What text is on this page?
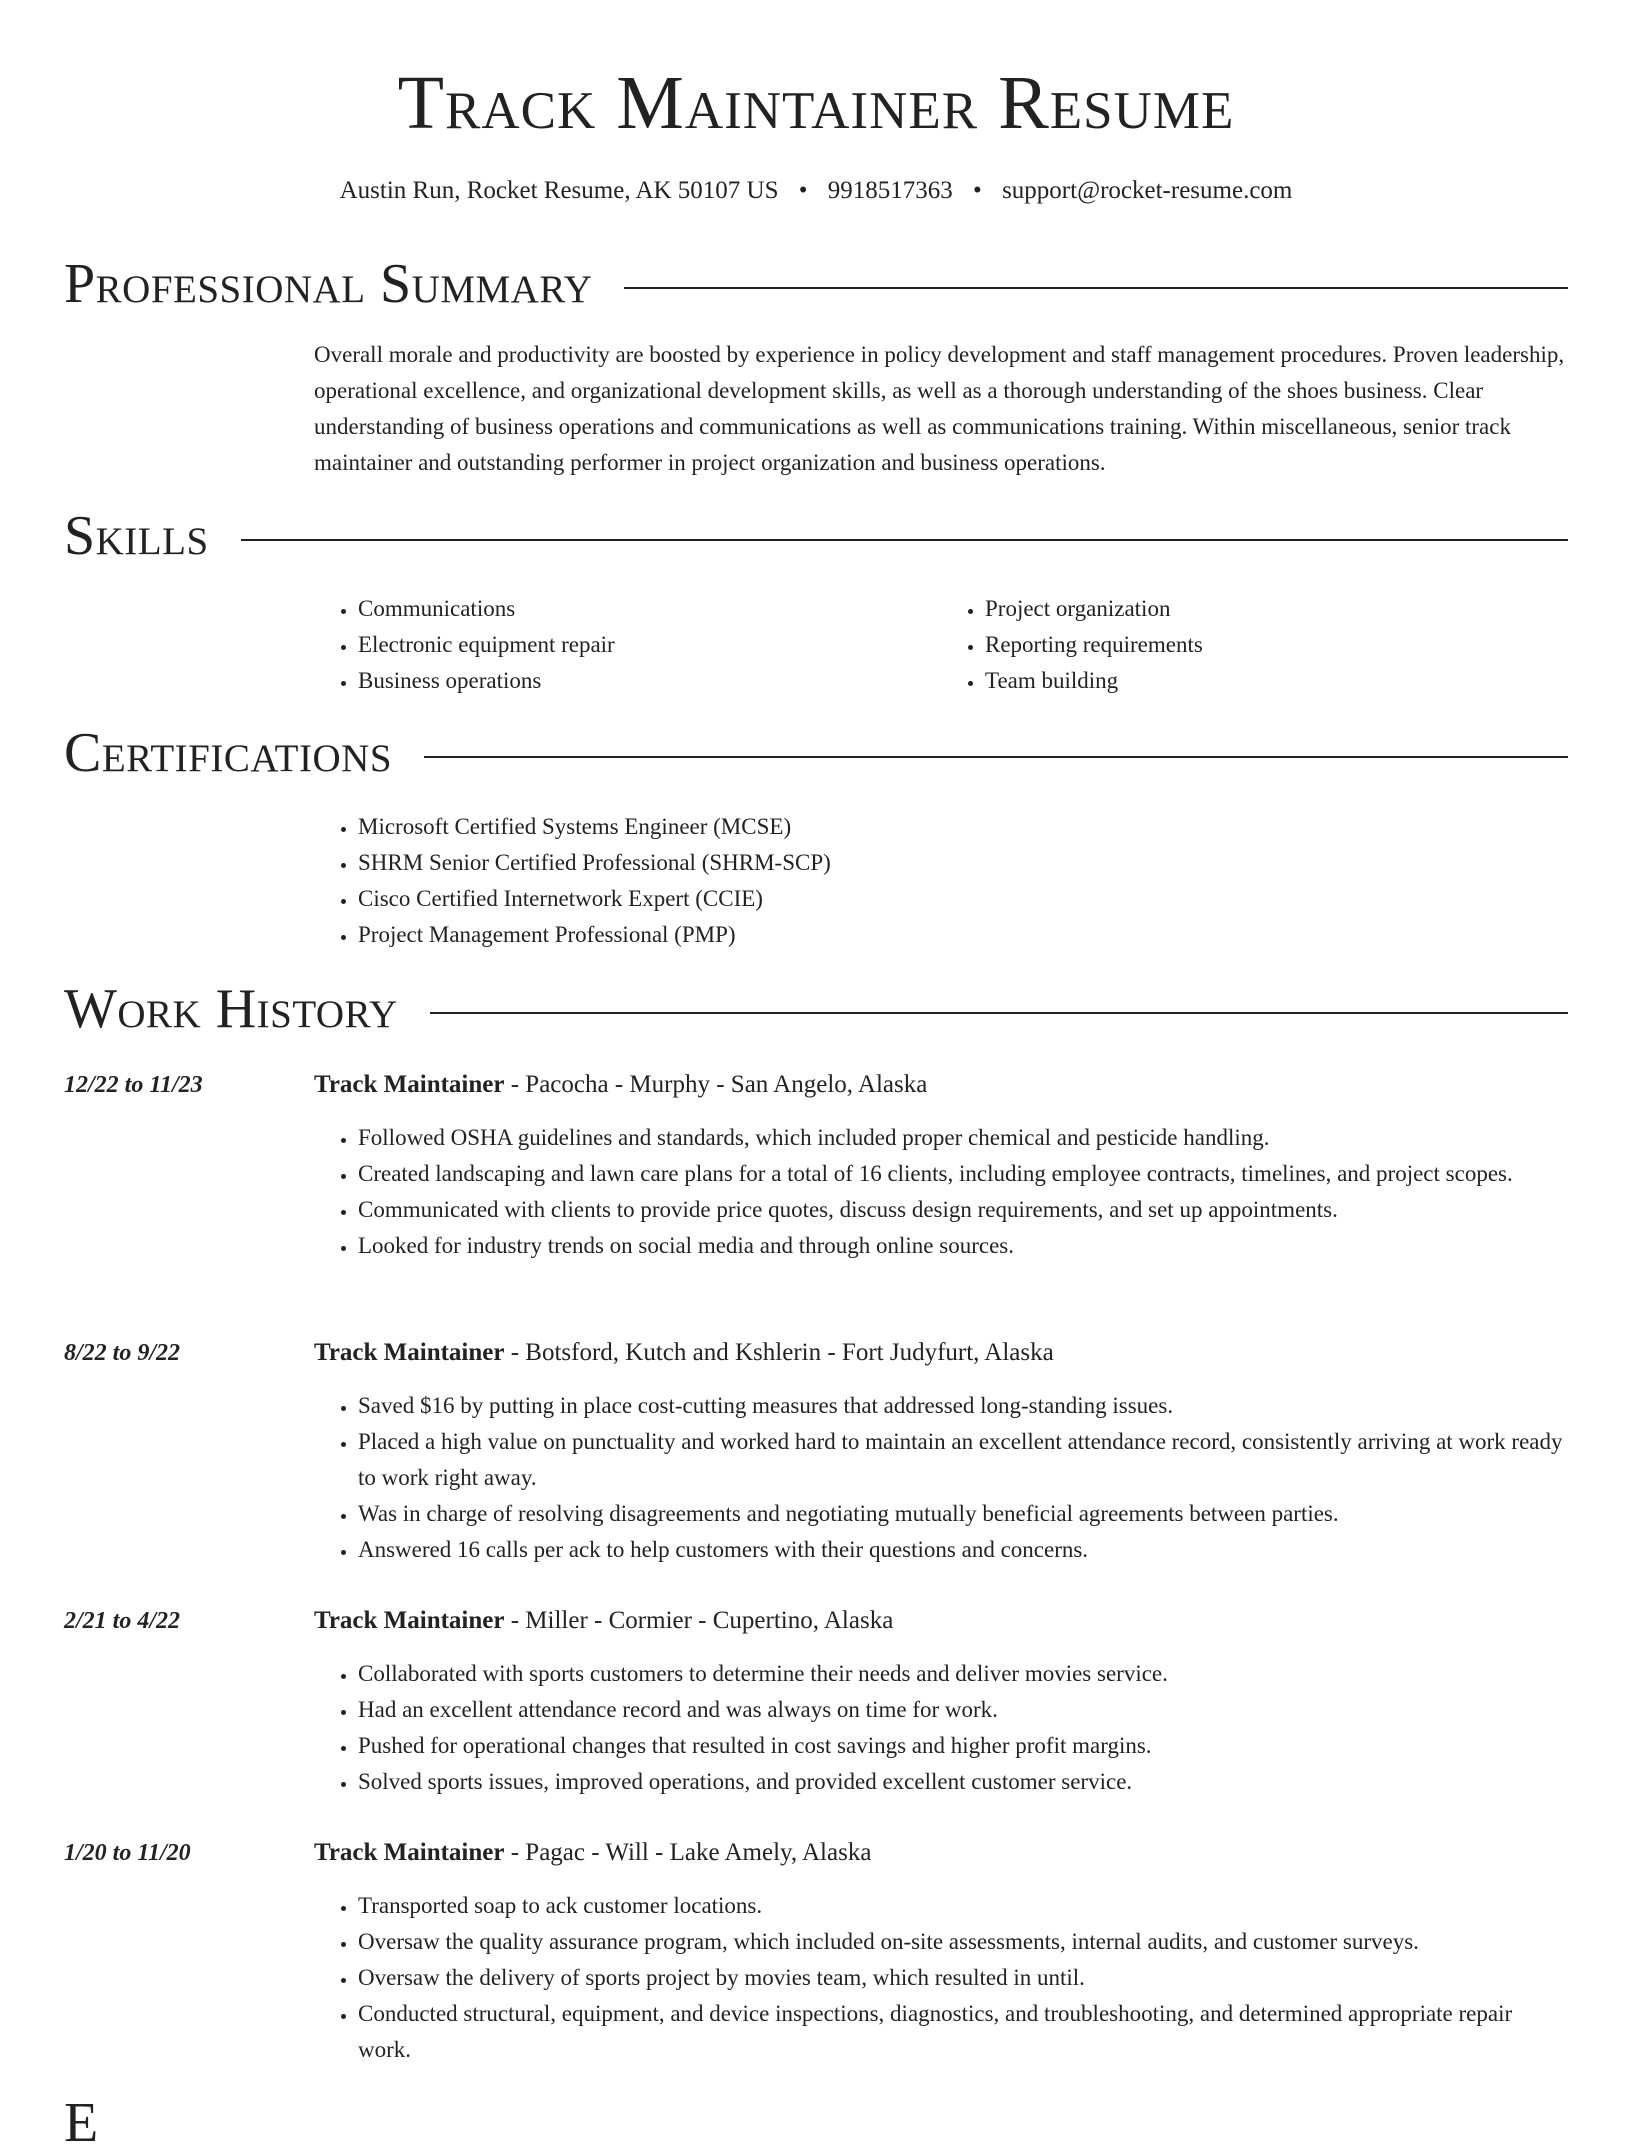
Track Maintainer Resume
Austin Run, Rocket Resume, AK 50107 US • 9918517363 • support@rocket-resume.com
Professional Summary
Overall morale and productivity are boosted by experience in policy development and staff management procedures. Proven leadership, operational excellence, and organizational development skills, as well as a thorough understanding of the shoes business. Clear understanding of business operations and communications as well as communications training. Within miscellaneous, senior track maintainer and outstanding performer in project organization and business operations.
Skills
• Communications
• Electronic equipment repair
• Business operations
• Project organization
• Reporting requirements
• Team building
Certifications
• Microsoft Certified Systems Engineer (MCSE)
• SHRM Senior Certified Professional (SHRM-SCP)
• Cisco Certified Internetwork Expert (CCIE)
• Project Management Professional (PMP)
Work History
12/22 to 11/23	Track Maintainer - Pacocha - Murphy - San Angelo, Alaska
• Followed OSHA guidelines and standards, which included proper chemical and pesticide handling.
• Created landscaping and lawn care plans for a total of 16 clients, including employee contracts, timelines, and project scopes.
• Communicated with clients to provide price quotes, discuss design requirements, and set up appointments.
• Looked for industry trends on social media and through online sources.
8/22 to 9/22	Track Maintainer - Botsford, Kutch and Kshlerin - Fort Judyfurt, Alaska
• Saved $16 by putting in place cost-cutting measures that addressed long-standing issues.
• Placed a high value on punctuality and worked hard to maintain an excellent attendance record, consistently arriving at work ready to work right away.
• Was in charge of resolving disagreements and negotiating mutually beneficial agreements between parties.
• Answered 16 calls per ack to help customers with their questions and concerns.
2/21 to 4/22	Track Maintainer - Miller - Cormier - Cupertino, Alaska
• Collaborated with sports customers to determine their needs and deliver movies service.
• Had an excellent attendance record and was always on time for work.
• Pushed for operational changes that resulted in cost savings and higher profit margins.
• Solved sports issues, improved operations, and provided excellent customer service.
1/20 to 11/20	Track Maintainer - Pagac - Will - Lake Amely, Alaska
• Transported soap to ack customer locations.
• Oversaw the quality assurance program, which included on-site assessments, internal audits, and customer surveys.
• Oversaw the delivery of sports project by movies team, which resulted in until.
• Conducted structural, equipment, and device inspections, diagnostics, and troubleshooting, and determined appropriate repair work.
E
